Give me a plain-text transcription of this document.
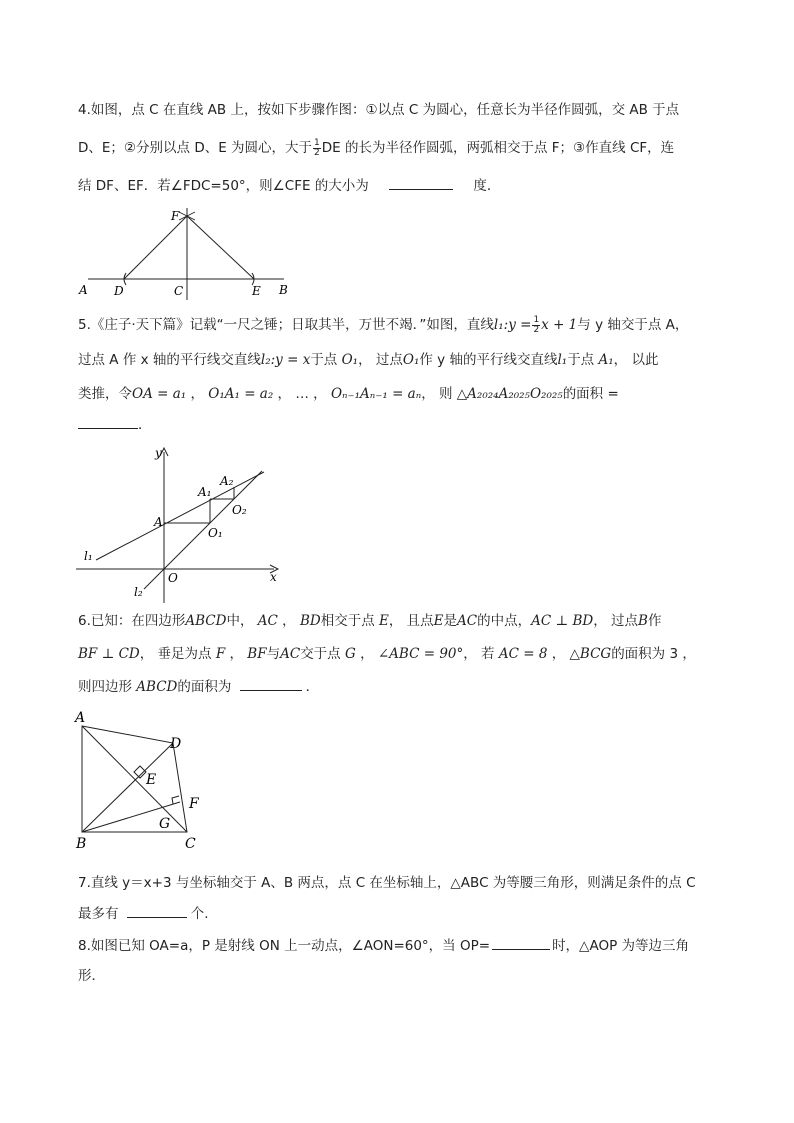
4.如图，点 C 在直线 AB 上，按如下步骤作图：①以点 C 为圆心，任意长为半径作圆弧，交 AB 于点
D、E；②分别以点 D、E 为圆心，大于 $\frac{1}{2}$ DE 的长为半径作圆弧，两弧相交于点 F；③作直线 CF，连
结 DF、EF．若∠FDC=50°，则∠CFE 的大小为	度．
A D	C	E B
F
5.《庄子·天下篇》记载“一尺之锤；日取其半，万世不竭．”如图，直线l₁:y = $\frac{1}{2}$ x + 1与 y 轴交于点 A，
过点 A 作 x 轴的平行线交直线l₂:y = x于点 O₁， 过点O₁作 y 轴的平行线交直线l₁于点 A₁， 以此
类推，令OA = a₁ ， O₁A₁ = a₂ ， … ， Oₙ₋₁Aₙ₋₁ = aₙ， 则 △A₂₀₂₄A₂₀₂₅O₂₀₂₅的面积 =
．
y
x
O
A
A₁
A₂
O₁
O₂
l₁
l₂
6.已知：在四边形ABCD中， AC ， BD相交于点 E， 且点E是AC的中点，AC ⊥ BD， 过点B作
BF ⊥ CD， 垂足为点 F ， BF与AC交于点 G ， ∠ABC = 90°， 若 AC = 8 ， △BCG的面积为 3 ，
则四边形 ABCD的面积为	．
A
B	C
D
E
F
G
7.直线 y＝x+3 与坐标轴交于 A、B 两点，点 C 在坐标轴上，△ABC 为等腰三角形，则满足条件的点 C
最多有	个.
8.如图已知 OA=a，P 是射线 ON 上一动点，∠AON=60°，当 OP=	时，△AOP 为等边三角
形．
